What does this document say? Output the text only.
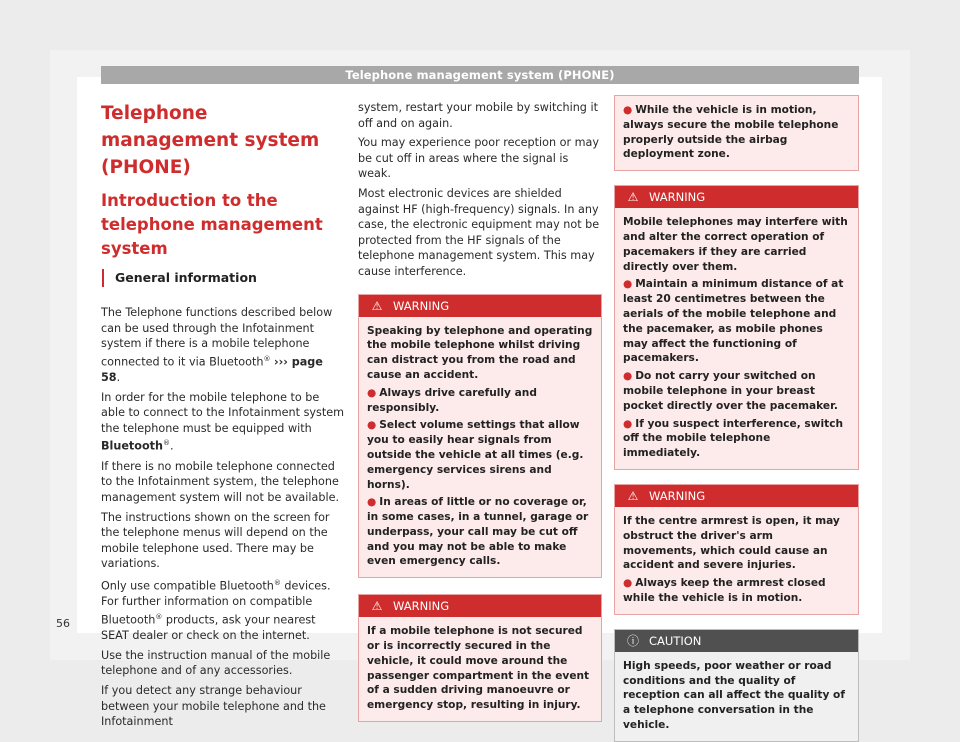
Telephone management system (PHONE)
Telephone management system (PHONE)
Introduction to the telephone management system
General information

The Telephone functions described below can be used through the Infotainment system if there is a mobile telephone connected to it via Bluetooth® ››› page 58.

In order for the mobile telephone to be able to connect to the Infotainment system the telephone must be equipped with Bluetooth®.

If there is no mobile telephone connected to the Infotainment system, the telephone management system will not be available.

The instructions shown on the screen for the telephone menus will depend on the mobile telephone used. There may be variations.

Only use compatible Bluetooth® devices. For further information on compatible Bluetooth® products, ask your nearest SEAT dealer or check on the internet.

Use the instruction manual of the mobile telephone and of any accessories.

If you detect any strange behaviour between your mobile telephone and the Infotainment

system, restart your mobile by switching it off and on again.

You may experience poor reception or may be cut off in areas where the signal is weak.

Most electronic devices are shielded against HF (high-frequency) signals. In any case, the electronic equipment may not be protected from the HF signals of the telephone management system. This may cause interference.

⚠ WARNING
Speaking by telephone and operating the mobile telephone whilst driving can distract you from the road and cause an accident.
● Always drive carefully and responsibly.
● Select volume settings that allow you to easily hear signals from outside the vehicle at all times (e.g. emergency services sirens and horns).
● In areas of little or no coverage or, in some cases, in a tunnel, garage or underpass, your call may be cut off and you may not be able to make even emergency calls.
⚠ WARNING
If a mobile telephone is not secured or is incorrectly secured in the vehicle, it could move around the passenger compartment in the event of a sudden driving manoeuvre or emergency stop, resulting in injury.
● While the vehicle is in motion, always secure the mobile telephone properly outside the airbag deployment zone.
⚠ WARNING
Mobile telephones may interfere with and alter the correct operation of pacemakers if they are carried directly over them.
● Maintain a minimum distance of at least 20 centimetres between the aerials of the mobile telephone and the pacemaker, as mobile phones may affect the functioning of pacemakers.
● Do not carry your switched on mobile telephone in your breast pocket directly over the pacemaker.
● If you suspect interference, switch off the mobile telephone immediately.
⚠ WARNING
If the centre armrest is open, it may obstruct the driver's arm movements, which could cause an accident and severe injuries.
● Always keep the armrest closed while the vehicle is in motion.
ⓘ CAUTION
High speeds, poor weather or road conditions and the quality of reception can all affect the quality of a telephone conversation in the vehicle.
56
